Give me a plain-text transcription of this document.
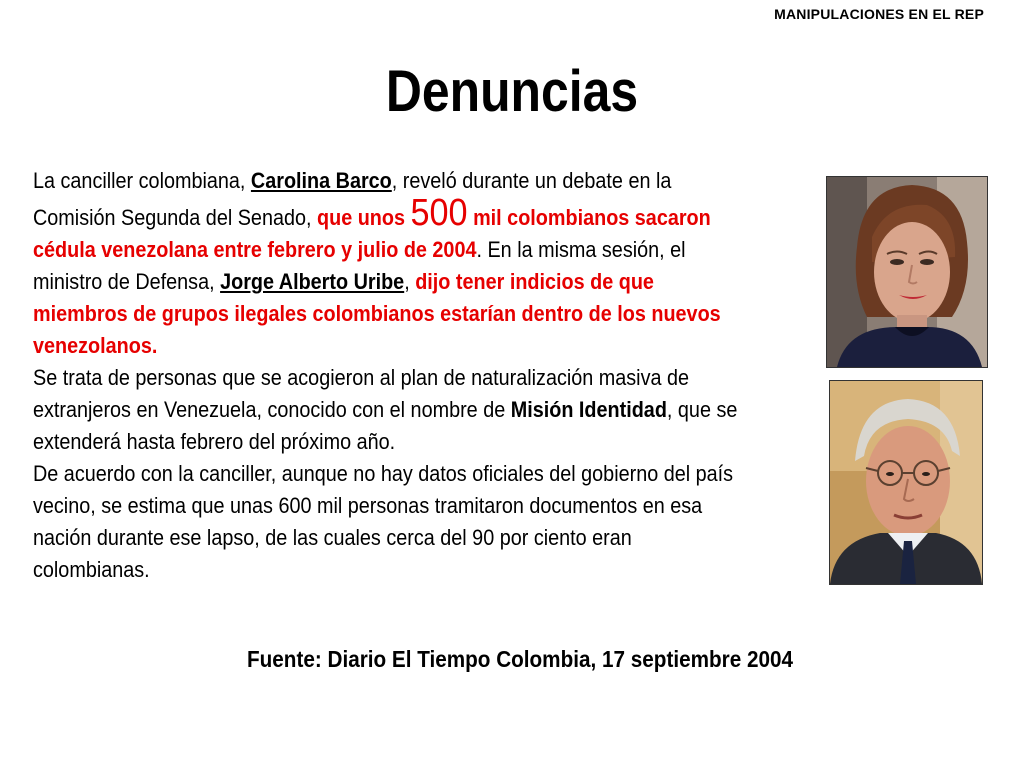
MANIPULACIONES EN EL REP
Denuncias

La canciller colombiana, Carolina Barco, reveló durante un debate en la Comisión Segunda del Senado, que unos 500 mil colombianos sacaron cédula venezolana entre febrero y julio de 2004. En la misma sesión, el ministro de Defensa, Jorge Alberto Uribe, dijo tener indicios de que miembros de grupos ilegales colombianos estarían dentro de los nuevos venezolanos.

Se trata de personas que se acogieron al plan de naturalización masiva de extranjeros en Venezuela, conocido con el nombre de Misión Identidad, que se extenderá hasta febrero del próximo año.

De acuerdo con la canciller, aunque no hay datos oficiales del gobierno del país vecino, se estima que unas 600 mil personas tramitaron documentos en esa nación durante ese lapso, de las cuales cerca del 90 por ciento eran colombianas.

Fuente: Diario El Tiempo Colombia, 17 septiembre 2004
